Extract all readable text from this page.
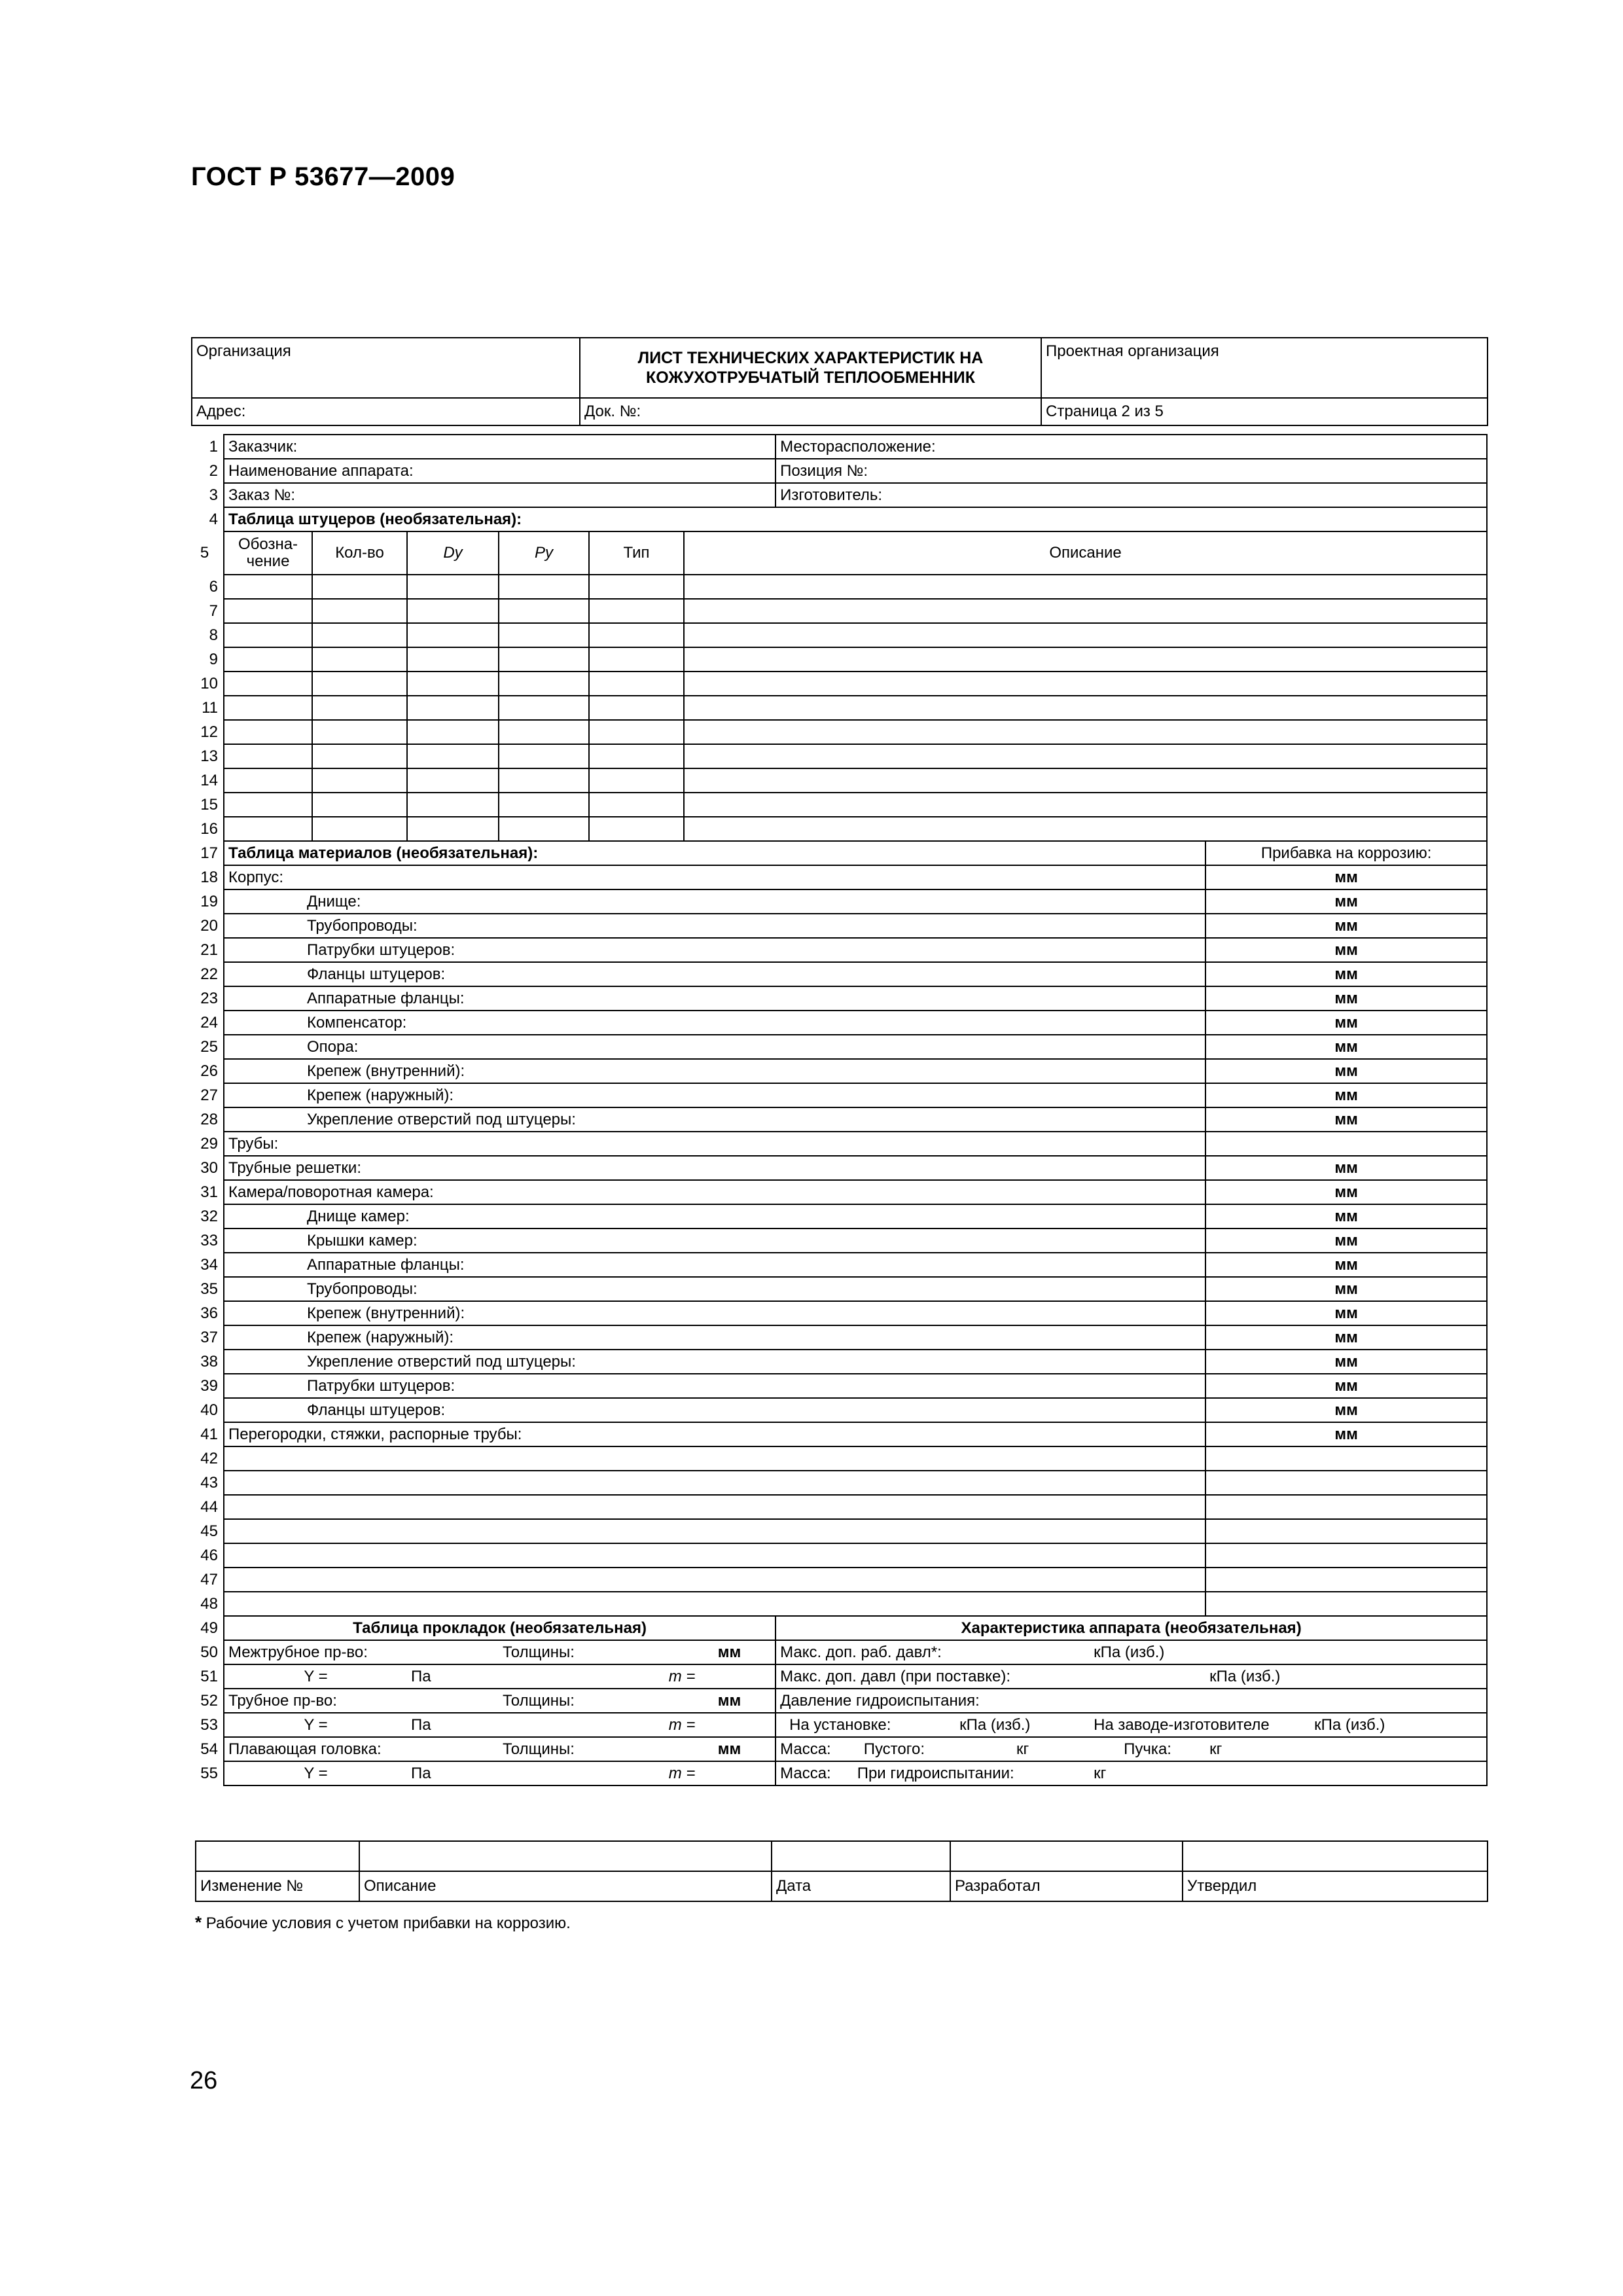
ГОСТ Р 53677—2009
Организация	ЛИСТ ТЕХНИЧЕСКИХ ХАРАКТЕРИСТИК НА КОЖУХОТРУБЧАТЫЙ ТЕПЛООБМЕННИК	Проектная организация
Адрес:	Док. №:	Страница 2 из 5
1	Заказчик:						Месторасположение:				
2	Наименование аппарата:						Позиция №:				
3	Заказ №:						Изготовитель:				
4	Таблица штуцеров (необязательная):										
5	Обозна-чение	Кол-во	Dy	Py	Тип	Описание					
6											
7											
8											
9											
10											
11											
12											
13											
14											
15											
16											
17	Таблица материалов (необязательная):									Прибавка на коррозию:	
18	Корпус:									мм	
19	Днище:									мм	
20	Трубопроводы:									мм	
21	Патрубки штуцеров:									мм	
22	Фланцы штуцеров:									мм	
23	Аппаратные фланцы:									мм	
24	Компенсатор:									мм	
25	Опора:									мм	
26	Крепеж (внутренний):									мм	
27	Крепеж (наружный):									мм	
28	Укрепление отверстий под штуцеры:									мм	
29	Трубы:										
30	Трубные решетки:									мм	
31	Камера/поворотная камера:									мм	
32	Днище камер:									мм	
33	Крышки камер:									мм	
34	Аппаратные фланцы:									мм	
35	Трубопроводы:									мм	
36	Крепеж (внутренний):									мм	
37	Крепеж (наружный):									мм	
38	Укрепление отверстий под штуцеры:									мм	
39	Патрубки штуцеров:									мм	
40	Фланцы штуцеров:									мм	
41	Перегородки, стяжки, распорные трубы:									мм	
42											
43											
44											
45											
46											
47											
48											
49	Таблица прокладок (необязательная)						Характеристика аппарата (необязательная)				
50	Межтрубное пр-во:			Толщины:		мм	Макс. доп. раб. давл*:		кПа (изб.)		
51	Y =		Па		m =		Макс. доп. давл (при поставке):			кПа (изб.)	
52	Трубное пр-во:			Толщины:		мм	Давление гидроиспытания:				
53	Y =		Па		m =		На установке:	кПа (изб.)	На заводе-изготовителе		кПа (изб.)
54	Плавающая головка:			Толщины:		мм	Масса: Пустого:	кг	Пучка:	кг	
55	Y =		Па		m =		Масса: При гидроиспытании:		кг		

Изменение №	Описание	Дата	Разработал	Утвердил
* Рабочие условия с учетом прибавки на коррозию.
26
